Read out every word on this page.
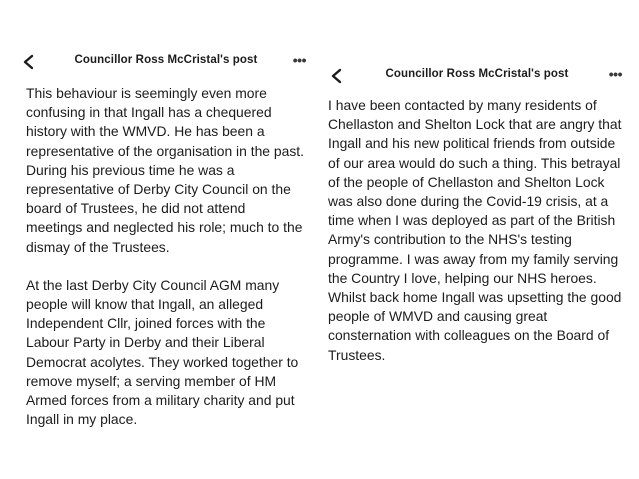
Councillor Ross McCristal's post	•••

This behaviour is seemingly even more confusing in that Ingall has a chequered history with the WMVD. He has been a representative of the organisation in the past. During his previous time he was a representative of Derby City Council on the board of Trustees, he did not attend meetings and neglected his role; much to the dismay of the Trustees.

At the last Derby City Council AGM many people will know that Ingall, an alleged Independent Cllr, joined forces with the Labour Party in Derby and their Liberal Democrat acolytes. They worked together to remove myself; a serving member of HM Armed forces from a military charity and put Ingall in my place.

Councillor Ross McCristal's post	•••

I have been contacted by many residents of Chellaston and Shelton Lock that are angry that Ingall and his new political friends from outside of our area would do such a thing. This betrayal of the people of Chellaston and Shelton Lock was also done during the Covid-19 crisis, at a time when I was deployed as part of the British Army's contribution to the NHS's testing programme. I was away from my family serving the Country I love, helping our NHS heroes. Whilst back home Ingall was upsetting the good people of WMVD and causing great consternation with colleagues on the Board of Trustees.
